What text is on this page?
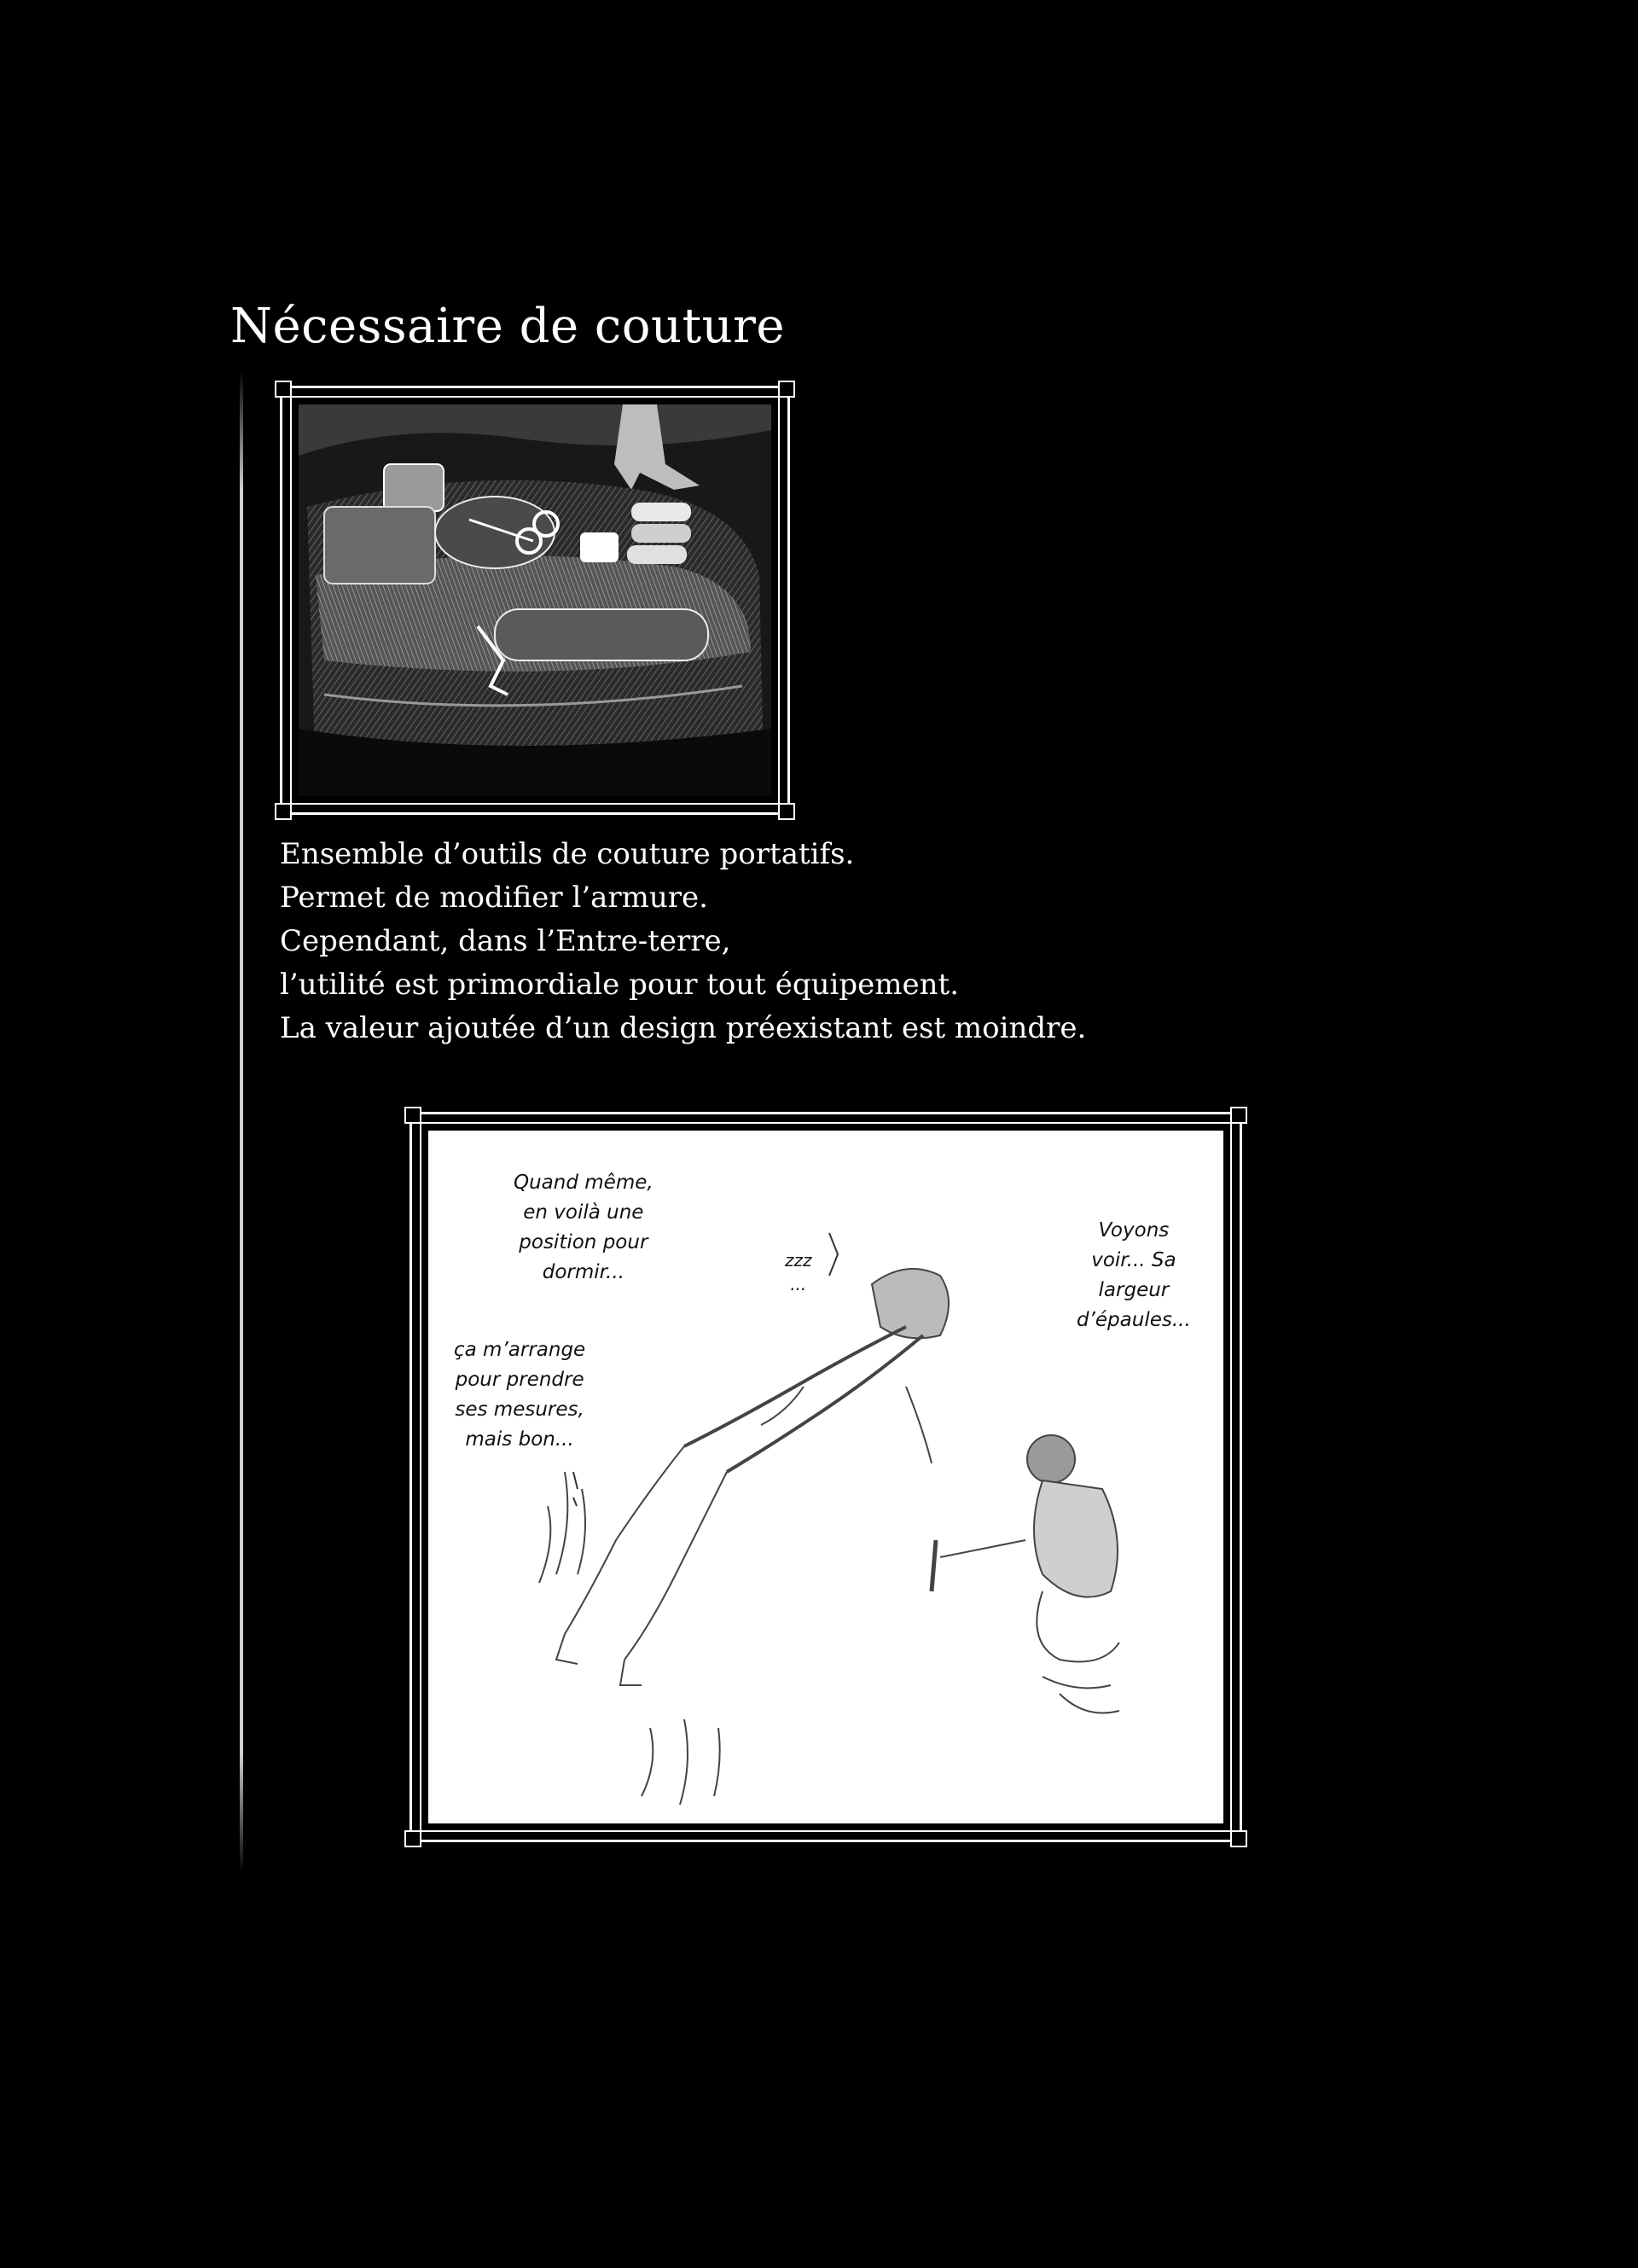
Nécessaire de couture

Ensemble d’outils de couture portatifs.

Permet de modifier l’armure.

Cependant, dans l’Entre-terre,

l’utilité est primordiale pour tout équipement.

La valeur ajoutée d’un design préexistant est moindre.

Quand même,
en voilà une
position pour
dormir...
ça m’arrange
pour prendre
ses mesures,
mais bon...
zzz
...
Voyons
voir... Sa
largeur
d’épaules...
